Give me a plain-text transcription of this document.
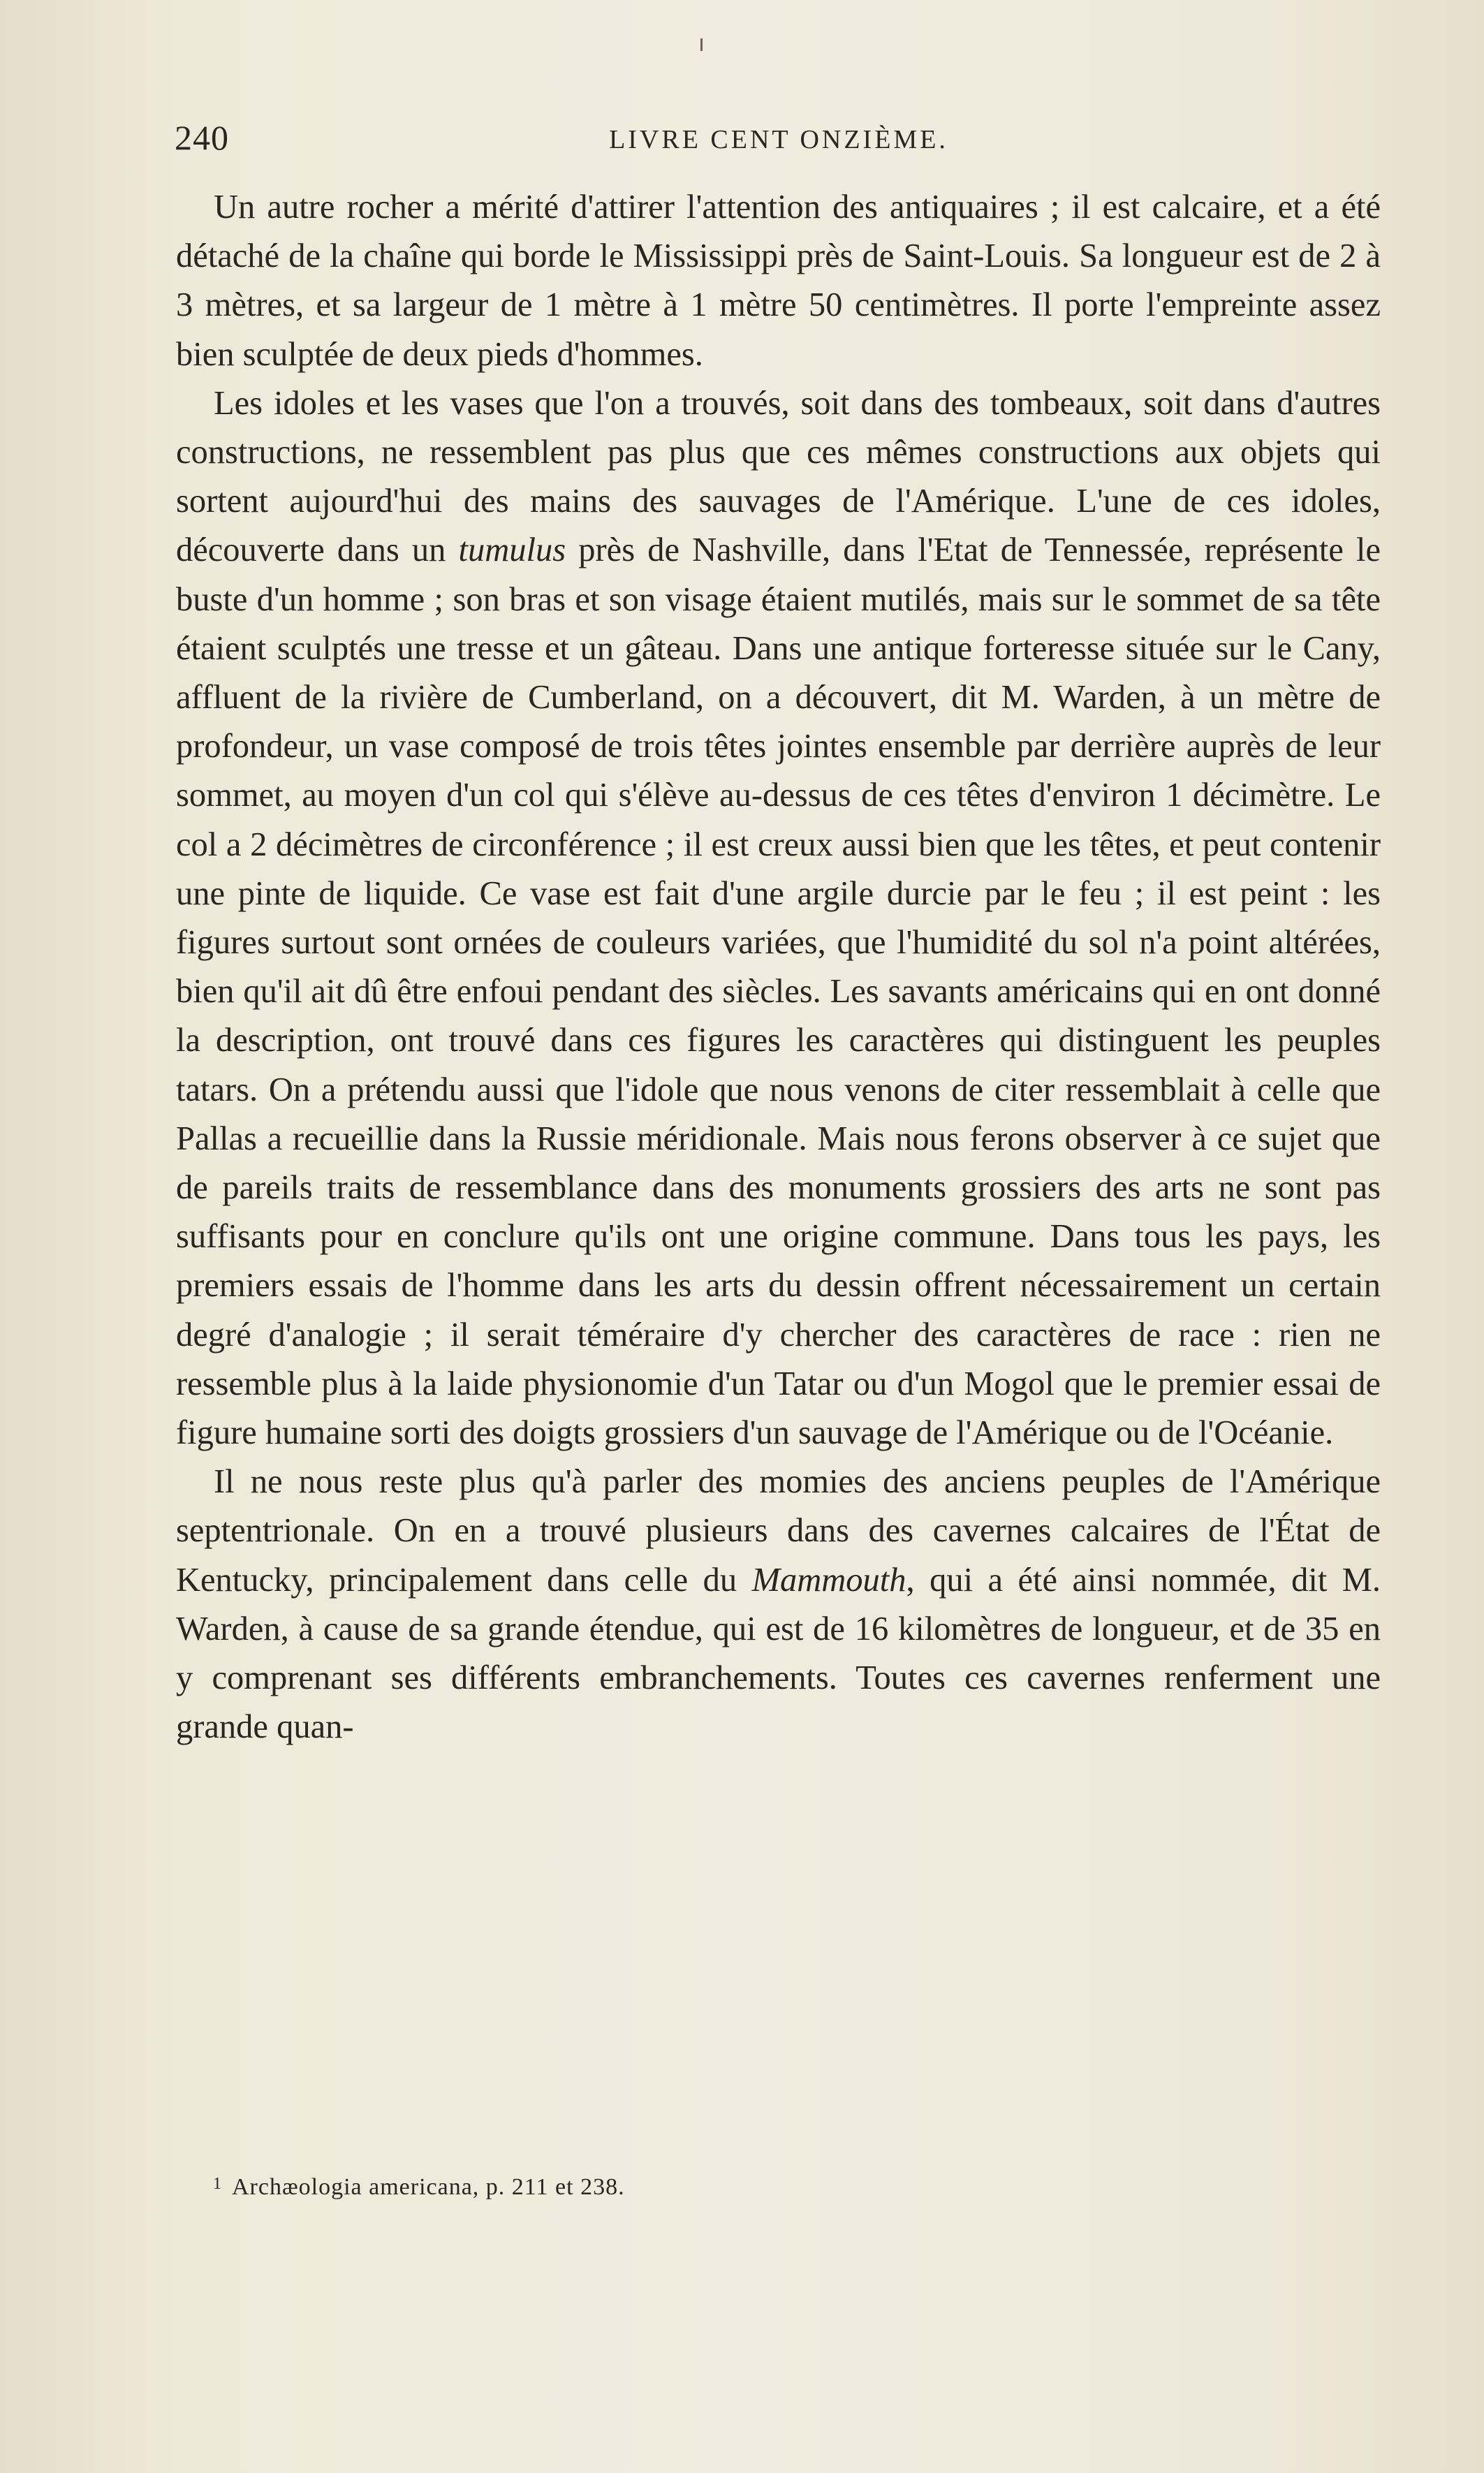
240	LIVRE CENT ONZIÈME.

Un autre rocher a mérité d'attirer l'attention des antiquaires ; il est calcaire, et a été détaché de la chaîne qui borde le Mississippi près de Saint-Louis. Sa longueur est de 2 à 3 mètres, et sa largeur de 1 mètre à 1 mètre 50 centimètres. Il porte l'empreinte assez bien sculptée de deux pieds d'hommes.

Les idoles et les vases que l'on a trouvés, soit dans des tombeaux, soit dans d'autres constructions, ne ressemblent pas plus que ces mêmes constructions aux objets qui sortent aujourd'hui des mains des sauvages de l'Amérique. L'une de ces idoles, découverte dans un tumulus près de Nashville, dans l'Etat de Tennessée, représente le buste d'un homme ; son bras et son visage étaient mutilés, mais sur le sommet de sa tête étaient sculptés une tresse et un gâteau. Dans une antique forteresse située sur le Cany, affluent de la rivière de Cumberland, on a découvert, dit M. Warden, à un mètre de profondeur, un vase composé de trois têtes jointes ensemble par derrière auprès de leur sommet, au moyen d'un col qui s'élève au-dessus de ces têtes d'environ 1 décimètre. Le col a 2 décimètres de circonférence ; il est creux aussi bien que les têtes, et peut contenir une pinte de liquide. Ce vase est fait d'une argile durcie par le feu ; il est peint : les figures surtout sont ornées de couleurs variées, que l'humidité du sol n'a point altérées, bien qu'il ait dû être enfoui pendant des siècles. Les savants américains qui en ont donné la description, ont trouvé dans ces figures les caractères qui distinguent les peuples tatars. On a prétendu aussi que l'idole que nous venons de citer ressemblait à celle que Pallas a recueillie dans la Russie méridionale. Mais nous ferons observer à ce sujet que de pareils traits de ressemblance dans des monuments grossiers des arts ne sont pas suffisants pour en conclure qu'ils ont une origine commune. Dans tous les pays, les premiers essais de l'homme dans les arts du dessin offrent nécessairement un certain degré d'analogie ; il serait téméraire d'y chercher des caractères de race : rien ne ressemble plus à la laide physionomie d'un Tatar ou d'un Mogol que le premier essai de figure humaine sorti des doigts grossiers d'un sauvage de l'Amérique ou de l'Océanie.

Il ne nous reste plus qu'à parler des momies des anciens peuples de l'Amérique septentrionale. On en a trouvé plusieurs dans des cavernes calcaires de l'État de Kentucky, principalement dans celle du Mammouth, qui a été ainsi nommée, dit M. Warden, à cause de sa grande étendue, qui est de 16 kilomètres de longueur, et de 35 en y comprenant ses différents embranchements. Toutes ces cavernes renferment une grande quan-

$^1$ Archæologia americana, p. 211 et 238.
